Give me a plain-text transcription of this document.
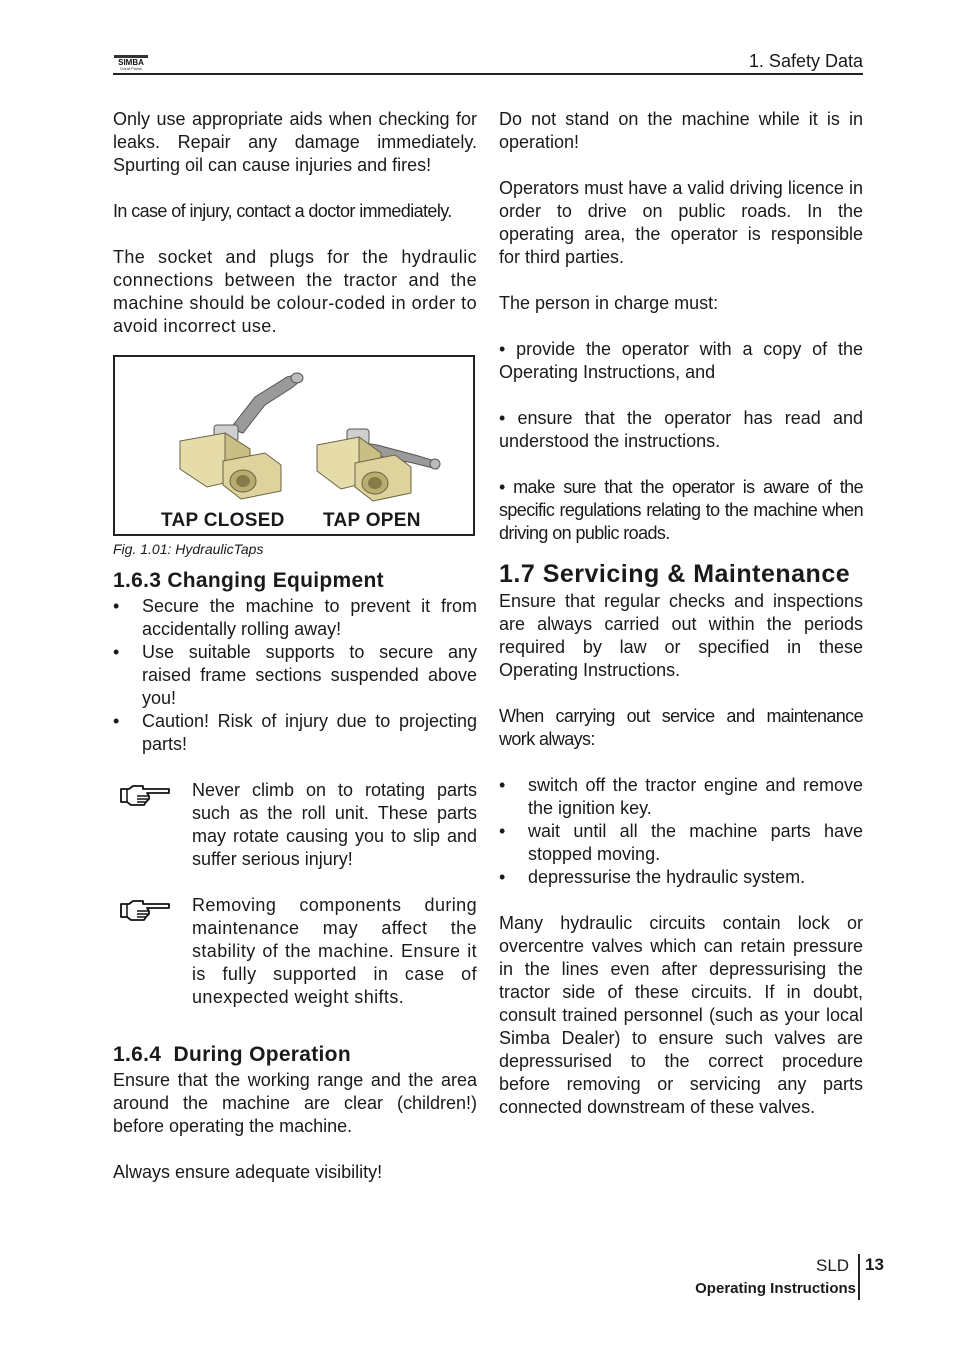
SIMBA
Great Plains	1. Safety Data

Only use appropriate aids when checking for leaks. Repair any damage immediately. Spurting oil can cause injuries and fires!

In case of injury, contact a doctor immediately.

The socket and plugs for the hydraulic connections between the tractor and the machine should be colour-coded in order to avoid incorrect use.

TAP CLOSED TAP OPEN
Fig. 1.01: HydraulicTaps
1.6.3 Changing Equipment
• Secure the machine to prevent it from accidentally rolling away!
• Use suitable supports to secure any raised frame sections suspended above you!
• Caution! Risk of injury due to projecting parts!

Never climb on to rotating parts such as the roll unit. These parts may rotate causing you to slip and suffer serious injury!

Removing components during maintenance may affect the stability of the machine. Ensure it is fully supported in case of unexpected weight shifts.

1.6.4  During Operation

Ensure that the working range and the area around the machine are clear (children!) before operating the machine.

Always ensure adequate visibility!

Do not stand on the machine while it is in operation!

Operators must have a valid driving licence in order to drive on public roads. In the operating area, the operator is responsible for third parties.

The person in charge must:

• provide the operator with a copy of the Operating Instructions, and

• ensure that the operator has read and understood the instructions.

• make sure that the operator is aware of the specific regulations relating to the machine when driving on public roads.

1.7 Servicing & Maintenance

Ensure that regular checks and inspections are always carried out within the periods required by law or specified in these Operating Instructions.

When carrying out service and maintenance work always:

• switch off the tractor engine and remove the ignition key.
• wait until all the machine parts have stopped moving.
• depressurise the hydraulic system.

Many hydraulic circuits contain lock or overcentre valves which can retain pressure in the lines even after depressurising the tractor side of these circuits. If in doubt, consult trained personnel (such as your local Simba Dealer) to ensure such valves are depressurised to the correct procedure before removing or servicing any parts connected downstream of these valves.

SLD 13
Operating Instructions
